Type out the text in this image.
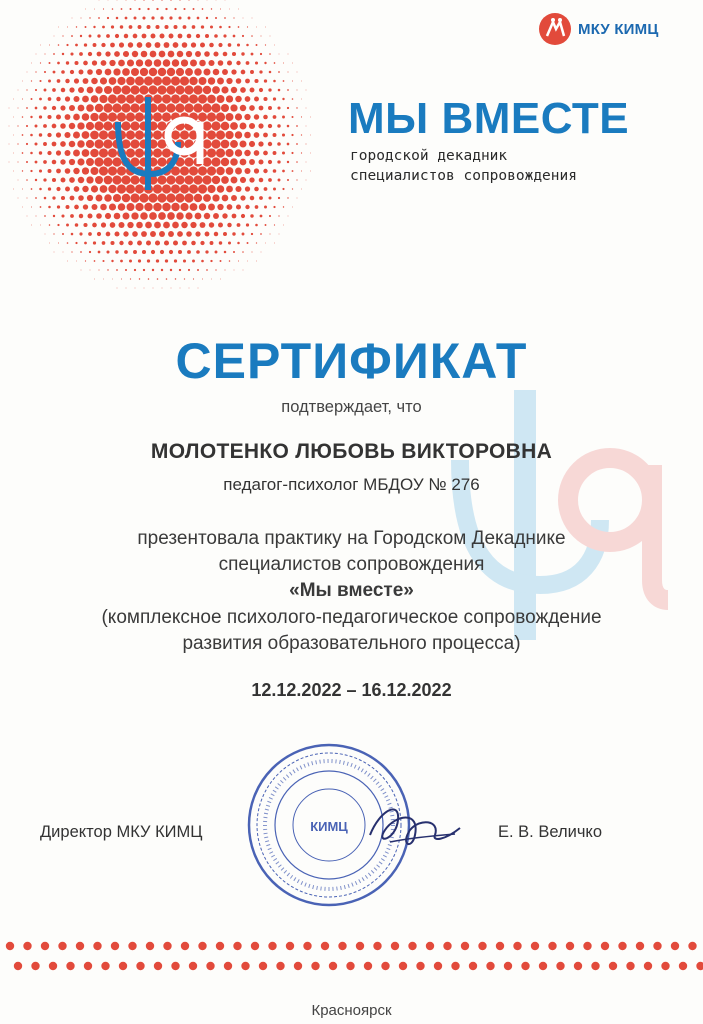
МКУ КИМЦ
МЫ ВМЕСТЕ
городской декадник
специалистов сопровождения
СЕРТИФИКАТ
подтверждает, что
МОЛОТЕНКО ЛЮБОВЬ ВИКТОРОВНА
педагог-психолог МБДОУ № 276
презентовала практику на Городском Декаднике
специалистов сопровождения
«Мы вместе»
(комплексное психолого-педагогическое сопровождение
развития образовательного процесса)
12.12.2022 – 16.12.2022
КИМЦ
Директор МКУ КИМЦ	Е. В. Величко
Красноярск
